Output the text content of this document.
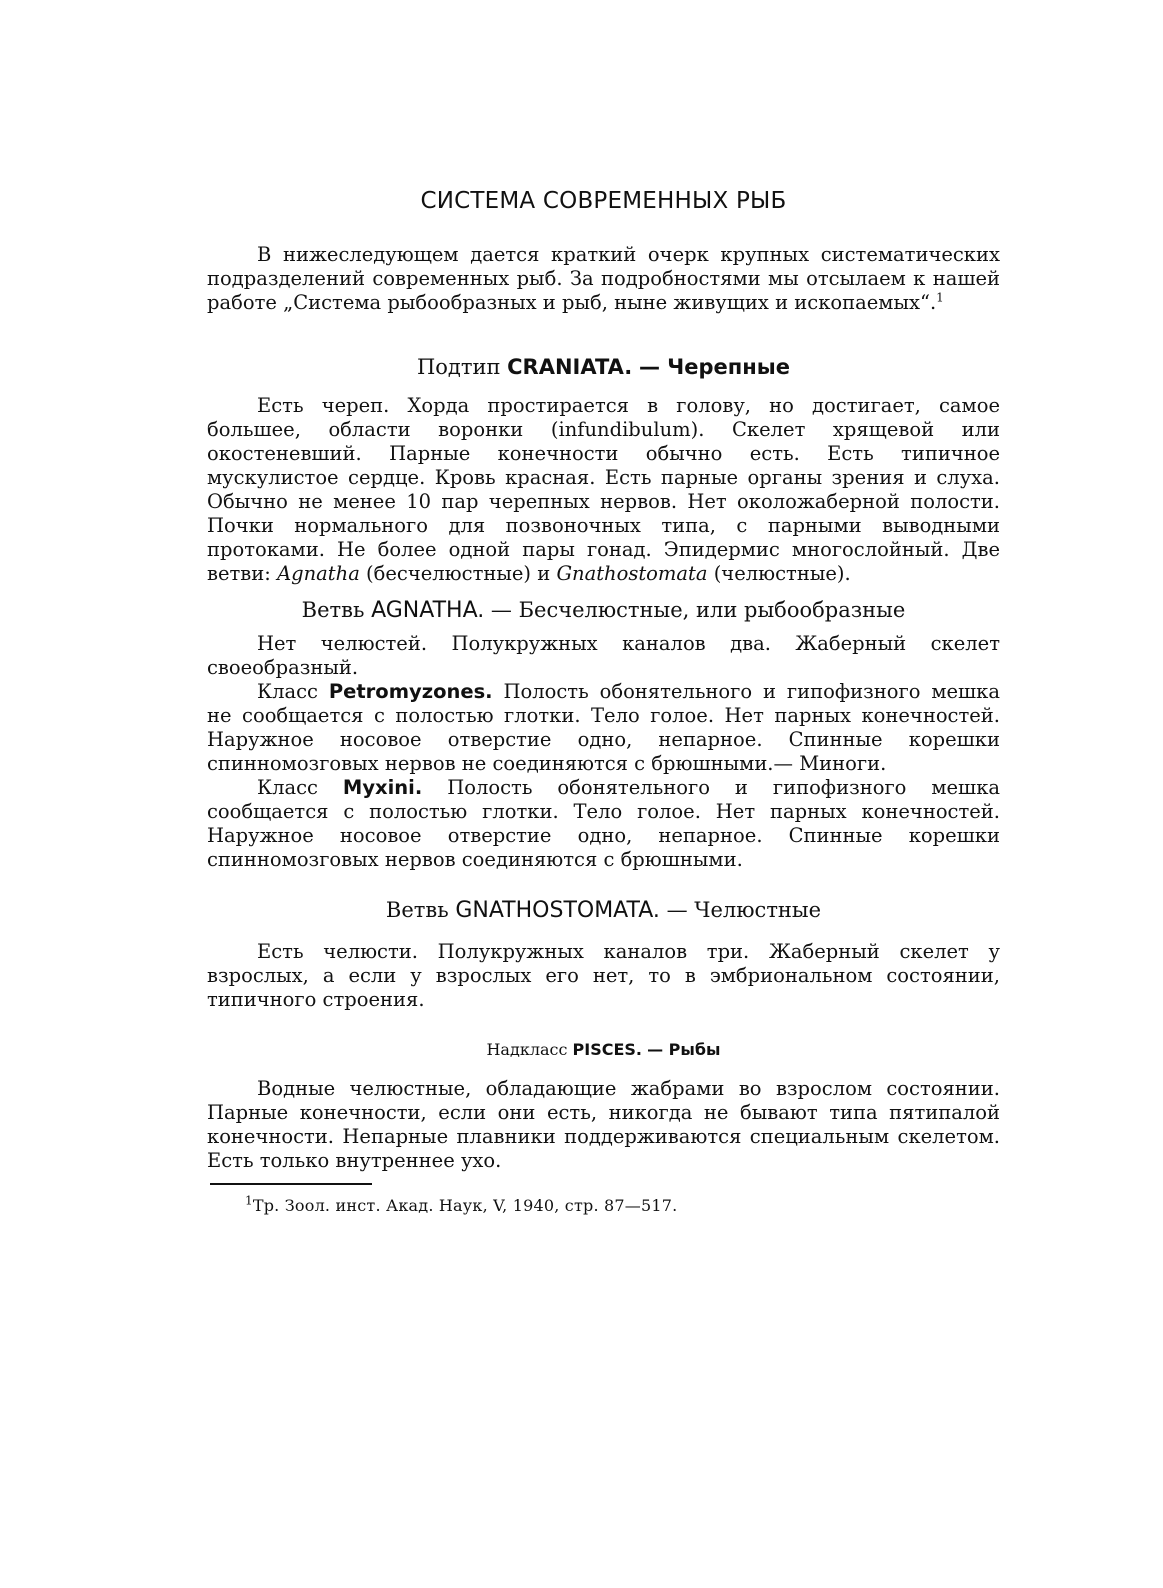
СИСТЕМА СОВРЕМЕННЫХ РЫБ

В нижеследующем дается краткий очерк крупных систематических подразделений современных рыб. За подробностями мы отсылаем к нашей работе „Система рыбообразных и рыб, ныне живущих и ископаемых“.$^1$

Подтип CRANIATA. — Черепные

Есть череп. Хорда простирается в голову, но достигает, самое большее, области воронки (infundibulum). Скелет хрящевой или окостеневший. Парные конечности обычно есть. Есть типичное мускулистое сердце. Кровь красная. Есть парные органы зрения и слуха. Обычно не менее 10 пар черепных нервов. Нет околожаберной полости. Почки нормального для позвоночных типа, с парными выводными протоками. Не более одной пары гонад. Эпидермис многослойный. Две ветви: Agnatha (бесчелюстные) и Gnathostomata (челюстные).

Ветвь AGNATHA. — Бесчелюстные, или рыбообразные

Нет челюстей. Полукружных каналов два. Жаберный скелет своеобразный.

Класс Petromyzones. Полость обонятельного и гипофизного мешка не сообщается с полостью глотки. Тело голое. Нет парных конечностей. Наружное носовое отверстие одно, непарное. Спинные корешки спинномозговых нервов не соединяются с брюшными.— Миноги.

Класс Myxini. Полость обонятельного и гипофизного мешка сообщается с полостью глотки. Тело голое. Нет парных конечностей. Наружное носовое отверстие одно, непарное. Спинные корешки спинномозговых нервов соединяются с брюшными.

Ветвь GNATHOSTOMATA. — Челюстные

Есть челюсти. Полукружных каналов три. Жаберный скелет у взрослых, а если у взрослых его нет, то в эмбриональном состоянии, типичного строения.

Надкласс PISCES. — Рыбы

Водные челюстные, обладающие жабрами во взрослом состоянии. Парные конечности, если они есть, никогда не бывают типа пятипалой конечности. Непарные плавники поддерживаются специальным скелетом. Есть только внутреннее ухо.

$^1$Тр. Зоол. инст. Акад. Наук, V, 1940, стр. 87—517.
